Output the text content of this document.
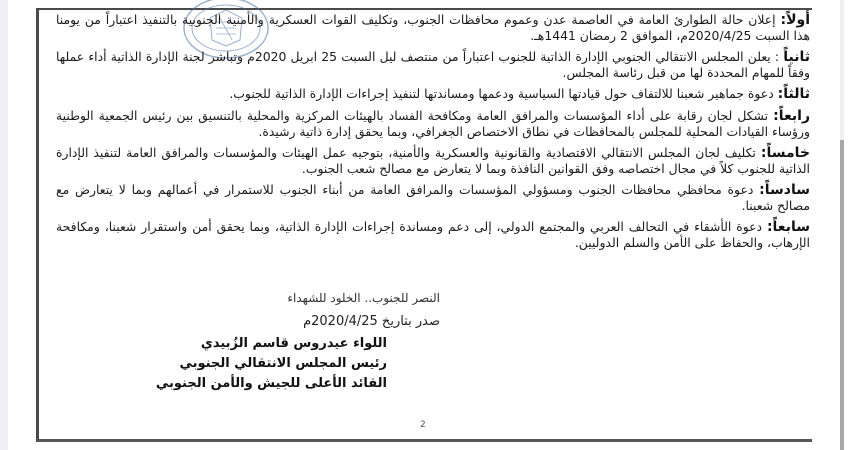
أولاً: إعلان حالة الطوارئ العامة في العاصمة عدن وعموم محافظات الجنوب، وتكليف القوات العسكرية والأمنية الجنوبية بالتنفيذ اعتباراً من يومنا هذا السبت 2020/4/25م، الموافق 2 رمضان 1441هـ.

ثانياً : يعلن المجلس الانتقالي الجنوبي الإدارة الذاتية للجنوب اعتباراً من منتصف ليل السبت 25 ابريل 2020م وتباشر لجنة الإدارة الذاتية أداء عملها وفقاً للمهام المحددة لها من قبل رئاسة المجلس.

ثالثاً: دعوة جماهير شعبنا للالتفاف حول قيادتها السياسية ودعمها ومساندتها لتنفيذ إجراءات الإدارة الذاتية للجنوب.

رابعاً: تشكل لجان رقابة على أداء المؤسسات والمرافق العامة ومكافحة الفساد بالهيئات المركزية والمحلية بالتنسيق بين رئيس الجمعية الوطنية ورؤساء القيادات المحلية للمجلس بالمحافظات في نطاق الاختصاص الجغرافي، وبما يحقق إدارة ذاتية رشيدة.

خامساً: تكليف لجان المجلس الانتقالي الاقتصادية والقانونية والعسكرية والأمنية، بتوجيه عمل الهيئات والمؤسسات والمرافق العامة لتنفيذ الإدارة الذاتية للجنوب كلاً في مجال اختصاصه وفق القوانين النافذة وبما لا يتعارض مع مصالح شعب الجنوب.

سادساً: دعوة محافظي محافظات الجنوب ومسؤولي المؤسسات والمرافق العامة من أبناء الجنوب للاستمرار في أعمالهم وبما لا يتعارض مع مصالح شعبنا.

سابعاً: دعوة الأشقاء في التحالف العربي والمجتمع الدولي، إلى دعم ومساندة إجراءات الإدارة الذاتية، وبما يحقق أمن واستقرار شعبنا، ومكافحة الإرهاب، والحفاظ على الأمن والسلم الدوليين.

النصر للجنوب.. الخلود للشهداء
صدر بتاريخ 2020/4/25م
اللواء عيدروس قاسم الزُبيدي
رئيس المجلس الانتقالي الجنوبي
القائد الأعلى للجيش والأمن الجنوبي
2
